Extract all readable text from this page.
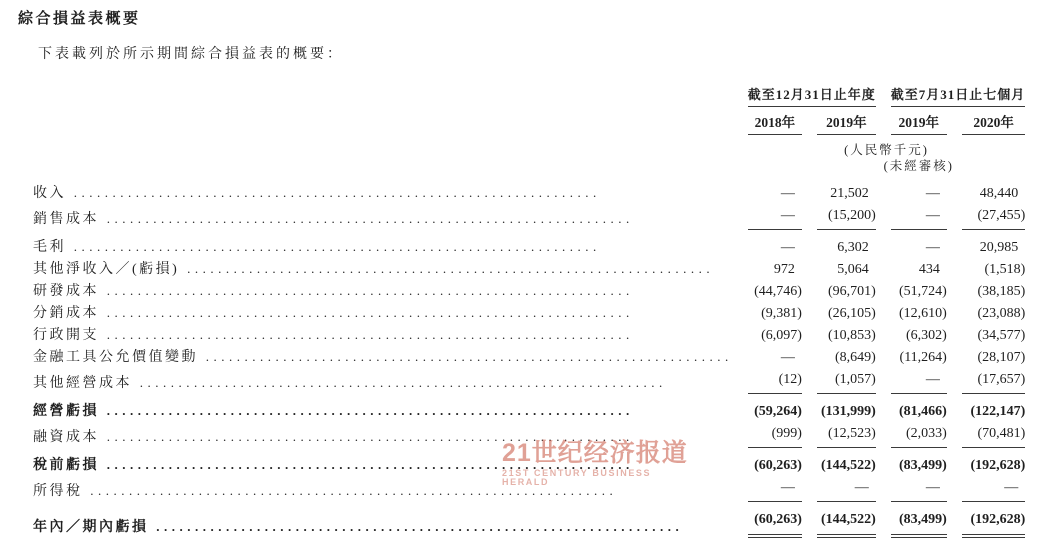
綜合損益表概要
下表載列於所示期間綜合損益表的概要：
	截至12月31日止年度		截至7月31日止七個月	
	2018年	2019年	2019年	2020年
	(人民幣千元)			

			(未經審核)	

收入 .....	—	21,502	—	48,440
銷售成本 .....	—	(15,200)	—	(27,455)
毛利 .....	—	6,302	—	20,985
其他淨收入／(虧損) .....	972	5,064	434	(1,518)
研發成本 .....	(44,746)	(96,701)	(51,724)	(38,185)
分銷成本 .....	(9,381)	(26,105)	(12,610)	(23,088)
行政開支 .....	(6,097)	(10,853)	(6,302)	(34,577)
金融工具公允價值變動 .....	—	(8,649)	(11,264)	(28,107)
其他經營成本 .....	(12)	(1,057)	—	(17,657)
經營虧損 .....	(59,264)	(131,999)	(81,466)	(122,147)
融資成本 .....	(999)	(12,523)	(2,033)	(70,481)
稅前虧損 .....	(60,263)	(144,522)	(83,499)	(192,628)
所得稅 .....	—	—	—	—
年內／期內虧損 .....	(60,263)	(144,522)	(83,499)	(192,628)
21世纪经济报道
21ST CENTURY BUSINESS HERALD
